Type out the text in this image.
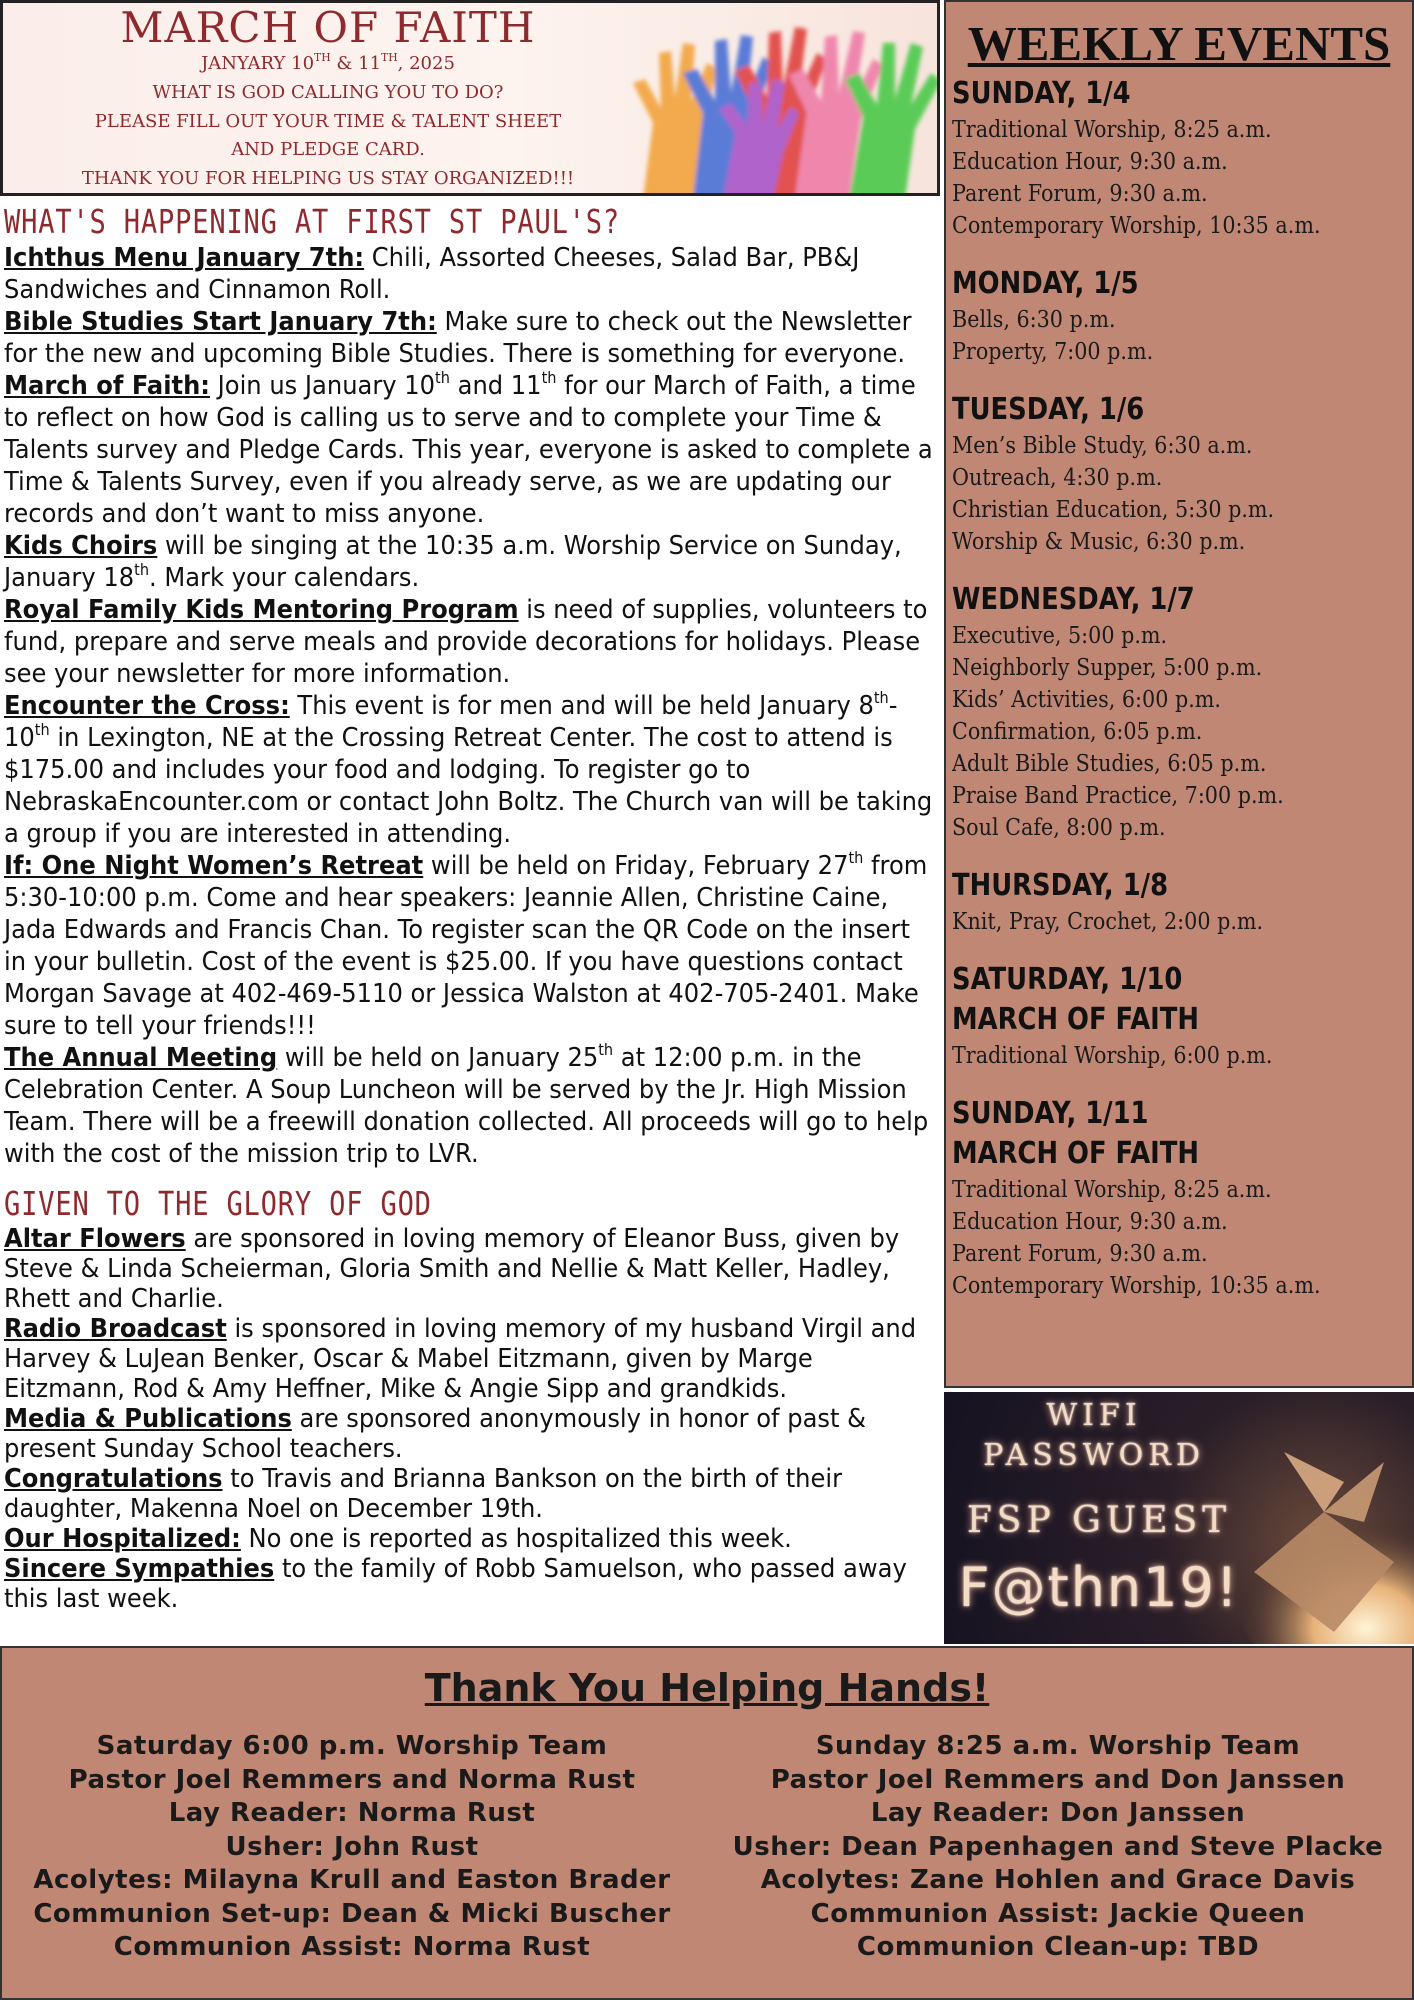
MARCH OF FAITH
JANYARY 10TH & 11TH, 2025
WHAT IS GOD CALLING YOU TO DO?
PLEASE FILL OUT YOUR TIME & TALENT SHEET
AND PLEDGE CARD.
THANK YOU FOR HELPING US STAY ORGANIZED!!!
WEEKLY EVENTS
SUNDAY, 1/4
Traditional Worship, 8:25 a.m.
Education Hour, 9:30 a.m.
Parent Forum, 9:30 a.m.
Contemporary Worship, 10:35 a.m.
MONDAY, 1/5
Bells, 6:30 p.m.
Property, 7:00 p.m.
TUESDAY, 1/6
Men’s Bible Study, 6:30 a.m.
Outreach, 4:30 p.m.
Christian Education, 5:30 p.m.
Worship & Music, 6:30 p.m.
WEDNESDAY, 1/7
Executive, 5:00 p.m.
Neighborly Supper, 5:00 p.m.
Kids’ Activities, 6:00 p.m.
Confirmation, 6:05 p.m.
Adult Bible Studies, 6:05 p.m.
Praise Band Practice, 7:00 p.m.
Soul Cafe, 8:00 p.m.
THURSDAY, 1/8
Knit, Pray, Crochet, 2:00 p.m.
SATURDAY, 1/10
MARCH OF FAITH
Traditional Worship, 6:00 p.m.
SUNDAY, 1/11
MARCH OF FAITH
Traditional Worship, 8:25 a.m.
Education Hour, 9:30 a.m.
Parent Forum, 9:30 a.m.
Contemporary Worship, 10:35 a.m.
WIFI
PASSWORD
FSP GUEST
F@thn19!
WHAT'S HAPPENING AT FIRST ST PAUL'S?

Ichthus Menu January 7th: Chili, Assorted Cheeses, Salad Bar, PB&J Sandwiches and Cinnamon Roll.

Bible Studies Start January 7th: Make sure to check out the Newsletter for the new and upcoming Bible Studies. There is something for everyone.

March of Faith: Join us January 10th and 11th for our March of Faith, a time to reflect on how God is calling us to serve and to complete your Time & Talents survey and Pledge Cards. This year, everyone is asked to complete a Time & Talents Survey, even if you already serve, as we are updating our records and don’t want to miss anyone.

Kids Choirs will be singing at the 10:35 a.m. Worship Service on Sunday, January 18th. Mark your calendars.

Royal Family Kids Mentoring Program is need of supplies, volunteers to fund, prepare and serve meals and provide decorations for holidays. Please see your newsletter for more information.

Encounter the Cross: This event is for men and will be held January 8th-10th in Lexington, NE at the Crossing Retreat Center. The cost to attend is $175.00 and includes your food and lodging. To register go to NebraskaEncounter.com or contact John Boltz. The Church van will be taking a group if you are interested in attending.

If: One Night Women’s Retreat will be held on Friday, February 27th from 5:30-10:00 p.m. Come and hear speakers: Jeannie Allen, Christine Caine, Jada Edwards and Francis Chan. To register scan the QR Code on the insert in your bulletin. Cost of the event is $25.00. If you have questions contact Morgan Savage at 402-469-5110 or Jessica Walston at 402-705-2401. Make sure to tell your friends!!!

The Annual Meeting will be held on January 25th at 12:00 p.m. in the Celebration Center. A Soup Luncheon will be served by the Jr. High Mission Team. There will be a freewill donation collected. All proceeds will go to help with the cost of the mission trip to LVR.

GIVEN TO THE GLORY OF GOD

Altar Flowers are sponsored in loving memory of Eleanor Buss, given by Steve & Linda Scheierman, Gloria Smith and Nellie & Matt Keller, Hadley, Rhett and Charlie.

Radio Broadcast is sponsored in loving memory of my husband Virgil and Harvey & LuJean Benker, Oscar & Mabel Eitzmann, given by Marge Eitzmann, Rod & Amy Heffner, Mike & Angie Sipp and grandkids.

Media & Publications are sponsored anonymously in honor of past & present Sunday School teachers.

Congratulations to Travis and Brianna Bankson on the birth of their daughter, Makenna Noel on December 19th.

Our Hospitalized: No one is reported as hospitalized this week.

Sincere Sympathies to the family of Robb Samuelson, who passed away this last week.

Thank You Helping Hands!
Saturday 6:00 p.m. Worship Team
Pastor Joel Remmers and Norma Rust
Lay Reader: Norma Rust
Usher: John Rust
Acolytes: Milayna Krull and Easton Brader
Communion Set-up: Dean & Micki Buscher
Communion Assist: Norma Rust
Sunday 8:25 a.m. Worship Team
Pastor Joel Remmers and Don Janssen
Lay Reader: Don Janssen
Usher: Dean Papenhagen and Steve Placke
Acolytes: Zane Hohlen and Grace Davis
Communion Assist: Jackie Queen
Communion Clean-up: TBD
